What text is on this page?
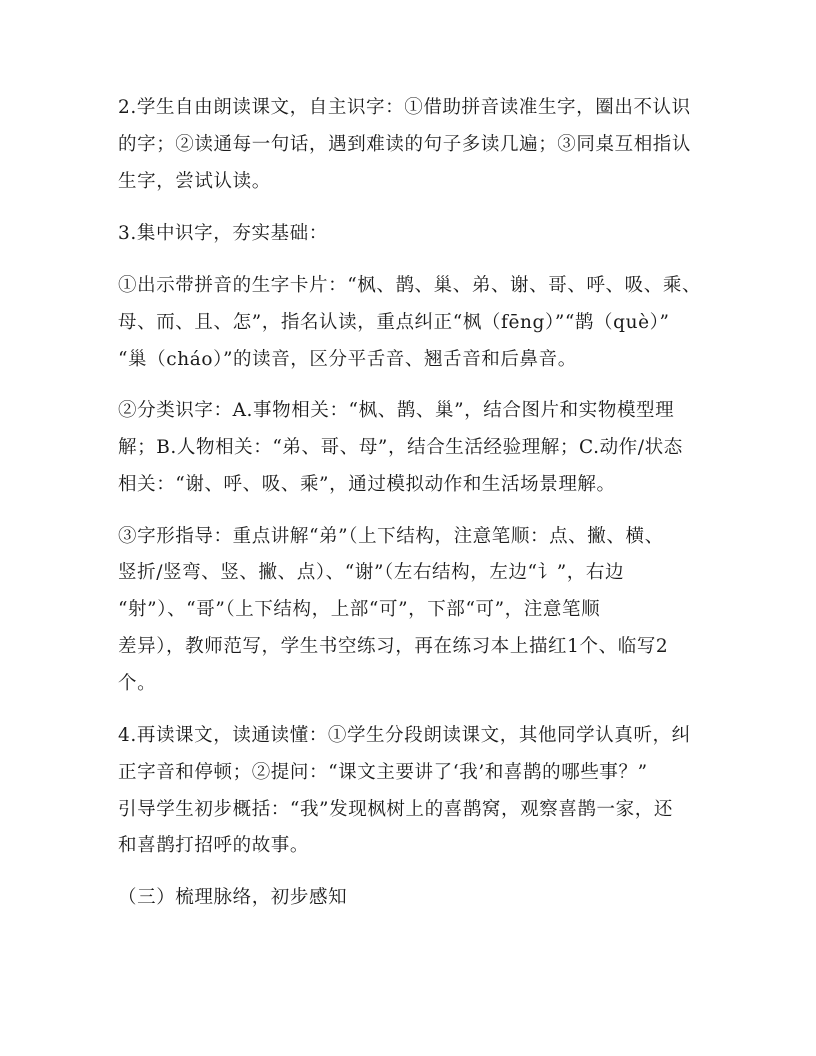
2.学生自由朗读课文，自主识字：①借助拼音读准生字，圈出不认识
的字；②读通每一句话，遇到难读的句子多读几遍；③同桌互相指认
生字，尝试认读。
3.集中识字，夯实基础：
①出示带拼音的生字卡片：“枫、鹊、巢、弟、谢、哥、呼、吸、乘、
母、而、且、怎”，指名认读，重点纠正“枫（fēng）”“鹊（què）”
“巢（cháo）”的读音，区分平舌音、翘舌音和后鼻音。
②分类识字：A.事物相关：“枫、鹊、巢”，结合图片和实物模型理
解；B.人物相关：“弟、哥、母”，结合生活经验理解；C.动作/状态
相关：“谢、呼、吸、乘”，通过模拟动作和生活场景理解。
③字形指导：重点讲解“弟”（上下结构，注意笔顺：点、撇、横、
竖折/竖弯、竖、撇、点）、“谢”（左右结构，左边“讠”，右边
“射”）、“哥”（上下结构，上部“可”，下部“可”，注意笔顺
差异），教师范写，学生书空练习，再在练习本上描红1个、临写2
个。
4.再读课文，读通读懂：①学生分段朗读课文，其他同学认真听，纠
正字音和停顿；②提问：“课文主要讲了‘我’和喜鹊的哪些事？”
引导学生初步概括：“我”发现枫树上的喜鹊窝，观察喜鹊一家，还
和喜鹊打招呼的故事。
（三）梳理脉络，初步感知
